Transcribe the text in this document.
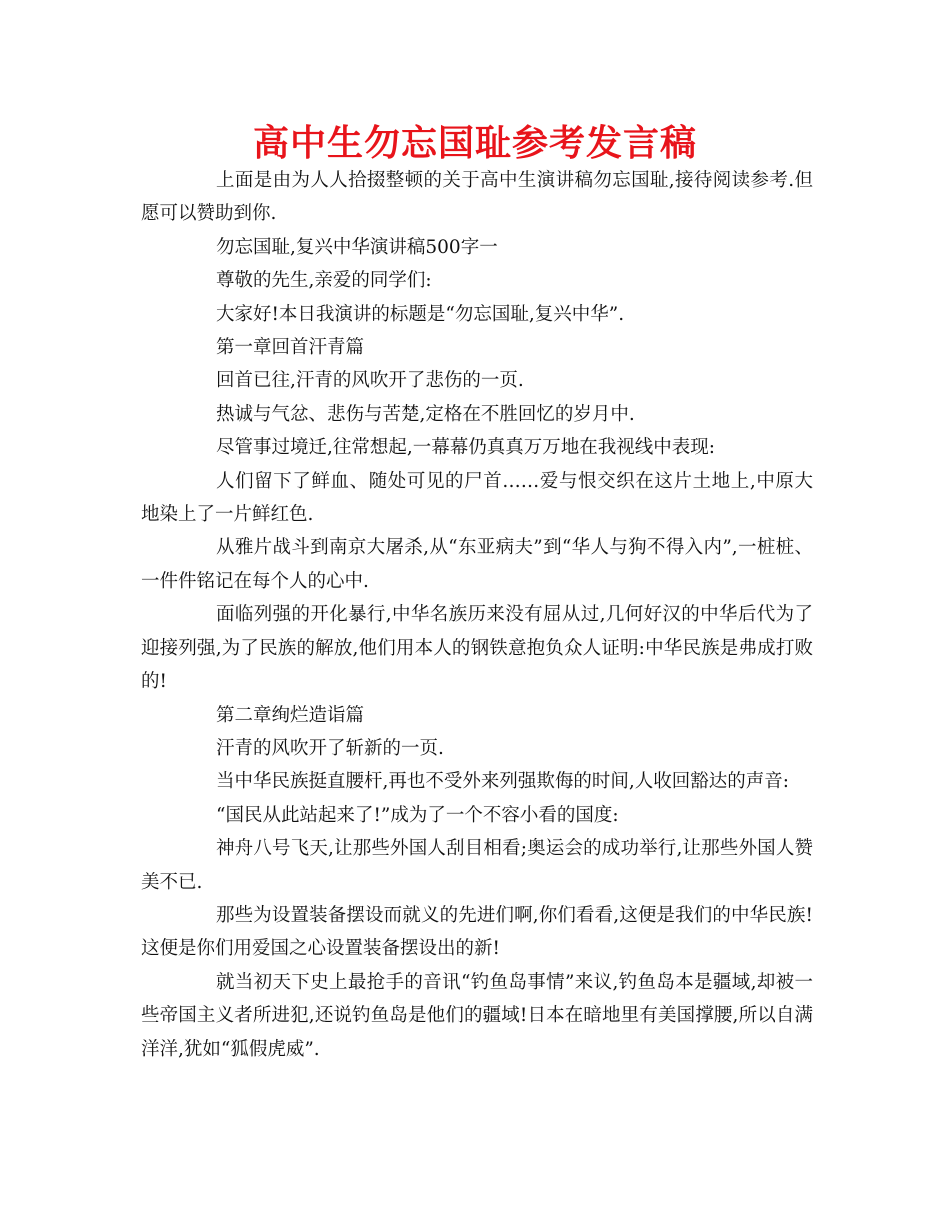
高中生勿忘国耻参考发言稿

上面是由为人人拾掇整顿的关于高中生演讲稿勿忘国耻,接待阅读参考.但愿可以赞助到你.

勿忘国耻,复兴中华演讲稿500字一

尊敬的先生,亲爱的同学们:

大家好!本日我演讲的标题是“勿忘国耻,复兴中华”.

第一章回首汗青篇

回首已往,汗青的风吹开了悲伤的一页.

热诚与气忿、悲伤与苦楚,定格在不胜回忆的岁月中.

尽管事过境迁,往常想起,一幕幕仍真真万万地在我视线中表现:

人们留下了鲜血、随处可见的尸首……爱与恨交织在这片土地上,中原大地染上了一片鲜红色.

从雅片战斗到南京大屠杀,从“东亚病夫”到“华人与狗不得入内”,一桩桩、一件件铭记在每个人的心中.

面临列强的开化暴行,中华名族历来没有屈从过,几何好汉的中华后代为了迎接列强,为了民族的解放,他们用本人的钢铁意抱负众人证明:中华民族是弗成打败的!

第二章绚烂造诣篇

汗青的风吹开了斩新的一页.

当中华民族挺直腰杆,再也不受外来列强欺侮的时间,人收回豁达的声音:

“国民从此站起来了!”成为了一个不容小看的国度:

神舟八号飞天,让那些外国人刮目相看;奥运会的成功举行,让那些外国人赞美不已.

那些为设置装备摆设而就义的先进们啊,你们看看,这便是我们的中华民族!这便是你们用爱国之心设置装备摆设出的新!

就当初天下史上最抢手的音讯“钓鱼岛事情”来议,钓鱼岛本是疆域,却被一些帝国主义者所进犯,还说钓鱼岛是他们的疆域!日本在暗地里有美国撑腰,所以自满洋洋,犹如“狐假虎威”.
